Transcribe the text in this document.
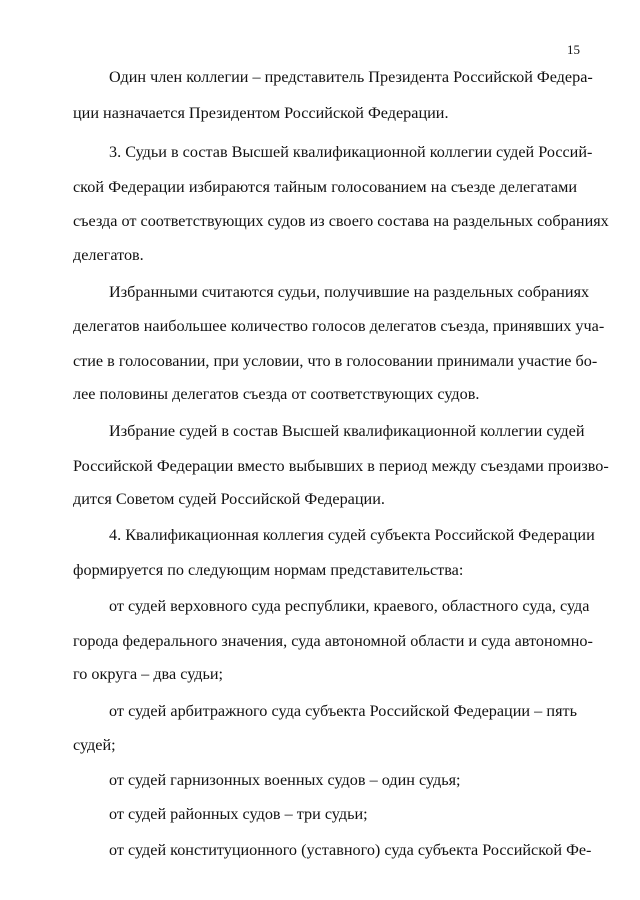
15
Один член коллегии – представитель Президента Российской Федера-
ции назначается Президентом Российской Федерации.
3. Судьи в состав Высшей квалификационной коллегии судей Россий-
ской Федерации избираются тайным голосованием на съезде делегатами
съезда от соответствующих судов из своего состава на раздельных собраниях
делегатов.
Избранными считаются судьи, получившие на раздельных собраниях
делегатов наибольшее количество голосов делегатов съезда, принявших уча-
стие в голосовании, при условии, что в голосовании принимали участие бо-
лее половины делегатов съезда от соответствующих судов.
Избрание судей в состав Высшей квалификационной коллегии судей
Российской Федерации вместо выбывших в период между съездами произво-
дится Советом судей Российской Федерации.
4. Квалификационная коллегия судей субъекта Российской Федерации
формируется по следующим нормам представительства:
от судей верховного суда республики, краевого, областного суда, суда
города федерального значения, суда автономной области и суда автономно-
го округа – два судьи;
от судей арбитражного суда субъекта Российской Федерации – пять
судей;
от судей гарнизонных военных судов – один судья;
от судей районных судов – три судьи;
от судей конституционного (уставного) суда субъекта Российской Фе-
